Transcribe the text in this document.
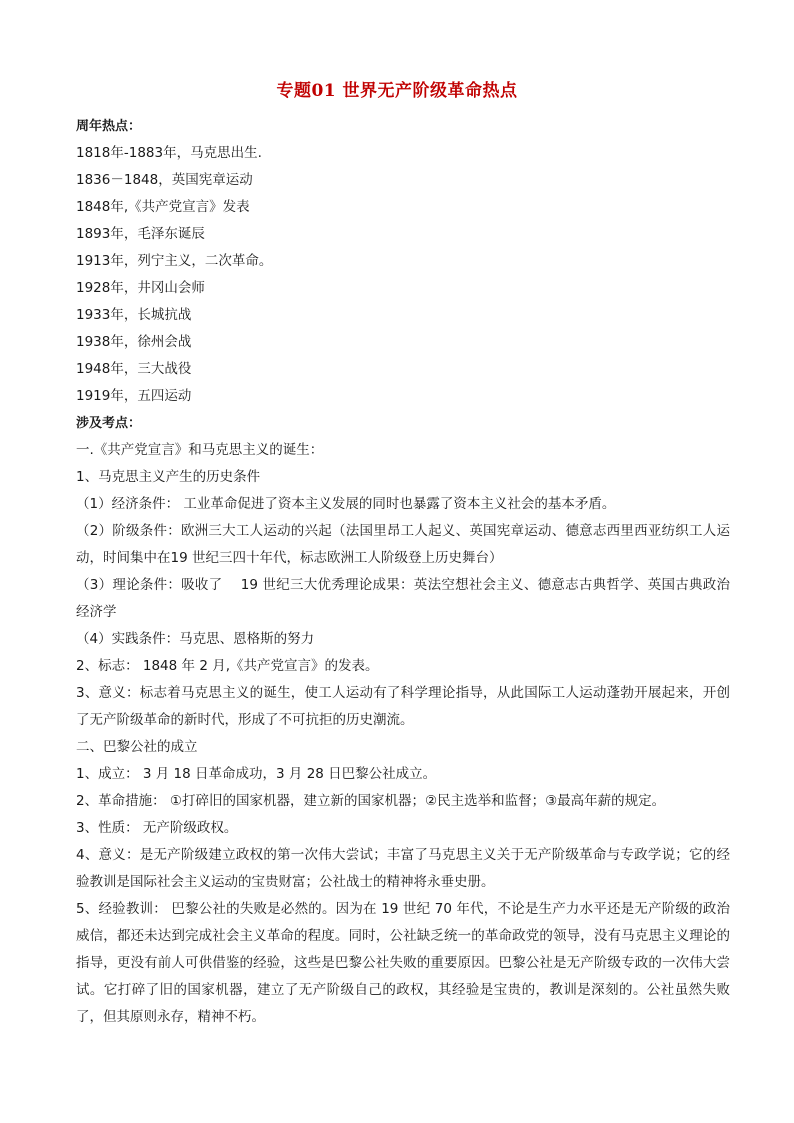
专题01 世界无产阶级革命热点
周年热点：
1818年-1883年，马克思出生.
1836－1848，英国宪章运动
1848年,《共产党宣言》发表
1893年，毛泽东诞辰
1913年，列宁主义，二次革命。
1928年，井冈山会师
1933年，长城抗战
1938年，徐州会战
1948年，三大战役
1919年，五四运动
涉及考点：
一.《共产党宣言》和马克思主义的诞生：
1、马克思主义产生的历史条件
（1）经济条件： 工业革命促进了资本主义发展的同时也暴露了资本主义社会的基本矛盾。
（2）阶级条件：欧洲三大工人运动的兴起（法国里昂工人起义、英国宪章运动、德意志西里西亚纺织工人运动，时间集中在19 世纪三四十年代，标志欧洲工人阶级登上历史舞台）
（3）理论条件：吸收了　 19 世纪三大优秀理论成果：英法空想社会主义、德意志古典哲学、英国古典政治经济学
（4）实践条件：马克思、恩格斯的努力
2、标志： 1848 年 2 月,《共产党宣言》的发表。
3、意义：标志着马克思主义的诞生，使工人运动有了科学理论指导，从此国际工人运动蓬勃开展起来，开创了无产阶级革命的新时代，形成了不可抗拒的历史潮流。
二、巴黎公社的成立
1、成立： 3 月 18 日革命成功，3 月 28 日巴黎公社成立。
2、革命措施： ①打碎旧的国家机器，建立新的国家机器；②民主选举和监督；③最高年薪的规定。
3、性质： 无产阶级政权。
4、意义：是无产阶级建立政权的第一次伟大尝试；丰富了马克思主义关于无产阶级革命与专政学说；它的经验教训是国际社会主义运动的宝贵财富；公社战士的精神将永垂史册。
5、经验教训： 巴黎公社的失败是必然的。因为在 19 世纪 70 年代，不论是生产力水平还是无产阶级的政治威信，都还未达到完成社会主义革命的程度。同时，公社缺乏统一的革命政党的领导，没有马克思主义理论的指导，更没有前人可供借鉴的经验，这些是巴黎公社失败的重要原因。巴黎公社是无产阶级专政的一次伟大尝试。它打碎了旧的国家机器，建立了无产阶级自己的政权，其经验是宝贵的，教训是深刻的。公社虽然失败了，但其原则永存，精神不朽。
